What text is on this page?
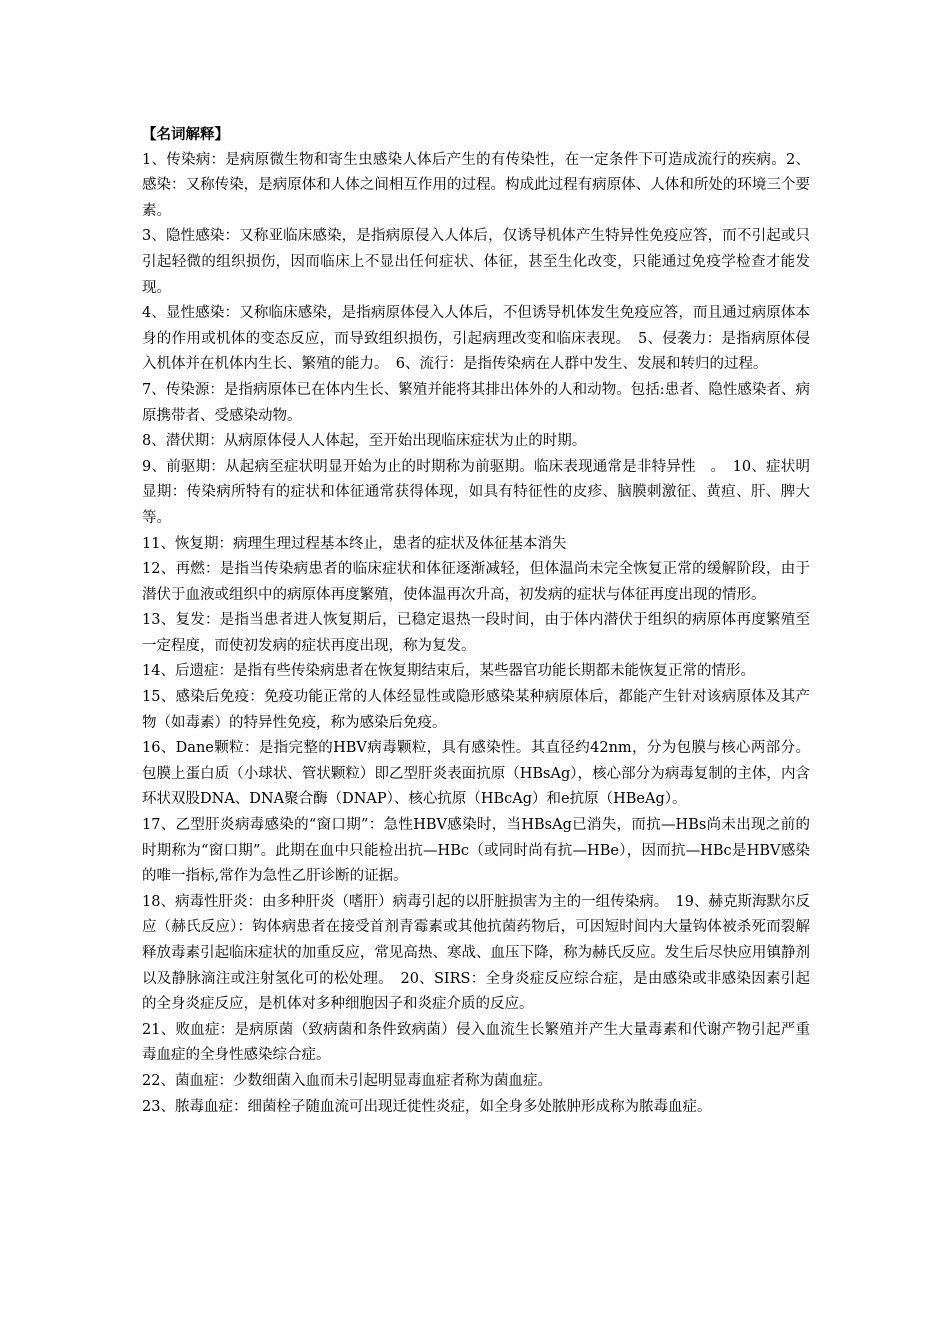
【名词解释】

1、传染病：是病原微生物和寄生虫感染人体后产生的有传染性，在一定条件下可造成流行的疾病。2、感染：又称传染，是病原体和人体之间相互作用的过程。构成此过程有病原体、人体和所处的环境三个要素。

3、隐性感染：又称亚临床感染，是指病原侵入人体后，仅诱导机体产生特异性免疫应答，而不引起或只引起轻微的组织损伤，因而临床上不显出任何症状、体征，甚至生化改变，只能通过免疫学检查才能发现。

4、显性感染：又称临床感染，是指病原体侵入人体后，不但诱导机体发生免疫应答，而且通过病原体本身的作用或机体的变态反应，而导致组织损伤，引起病理改变和临床表现。　5、侵袭力：是指病原体侵入机体并在机体内生长、繁殖的能力。　6、流行：是指传染病在人群中发生、发展和转归的过程。

7、传染源：是指病原体已在体内生长、繁殖并能将其排出体外的人和动物。包括:患者、隐性感染者、病原携带者、受感染动物。

8、潜伏期：从病原体侵人人体起，至开始出现临床症状为止的时期。

9、前驱期：从起病至症状明显开始为止的时期称为前驱期。临床表现通常是非特异性　。　10、症状明显期：传染病所特有的症状和体征通常获得体现，如具有特征性的皮疹、脑膜刺激征、黄疸、肝、脾大等。

11、恢复期：病理生理过程基本终止，患者的症状及体征基本消失

12、再燃：是指当传染病患者的临床症状和体征逐渐减轻，但体温尚未完全恢复正常的缓解阶段，由于潜伏于血液或组织中的病原体再度繁殖，使体温再次升高，初发病的症状与体征再度出现的情形。

13、复发：是指当患者进人恢复期后，已稳定退热一段时间，由于体内潜伏于组织的病原体再度繁殖至一定程度，而使初发病的症状再度出现，称为复发。

14、后遗症：是指有些传染病患者在恢复期结束后，某些器官功能长期都未能恢复正常的情形。

15、感染后免疫：免疫功能正常的人体经显性或隐形感染某种病原体后，都能产生针对该病原体及其产物（如毒素）的特异性免疫，称为感染后免疫。

16、Dane颗粒：是指完整的HBV病毒颗粒，具有感染性。其直径约42nm，分为包膜与核心两部分。包膜上蛋白质（小球状、管状颗粒）即乙型肝炎表面抗原（HBsAg），核心部分为病毒复制的主体，内含环状双股DNA、DNA聚合酶（DNAP）、核心抗原（HBcAg）和e抗原（HBeAg）。

17、乙型肝炎病毒感染的“窗口期”：急性HBV感染时，当HBsAg已消失，而抗—HBs尚未出现之前的时期称为“窗口期”。此期在血中只能检出抗—HBc（或同时尚有抗—HBe），因而抗—HBc是HBV感染的唯一指标,常作为急性乙肝诊断的证据。

18、病毒性肝炎：由多种肝炎（嗜肝）病毒引起的以肝脏损害为主的一组传染病。　19、赫克斯海默尔反应（赫氏反应）：钩体病患者在接受首剂青霉素或其他抗菌药物后，可因短时间内大量钩体被杀死而裂解释放毒素引起临床症状的加重反应，常见高热、寒战、血压下降，称为赫氏反应。发生后尽快应用镇静剂以及静脉滴注或注射氢化可的松处理。　20、SIRS：全身炎症反应综合症，是由感染或非感染因素引起的全身炎症反应，是机体对多种细胞因子和炎症介质的反应。

21、败血症：是病原菌（致病菌和条件致病菌）侵入血流生长繁殖并产生大量毒素和代谢产物引起严重毒血症的全身性感染综合症。

22、菌血症：少数细菌入血而未引起明显毒血症者称为菌血症。

23、脓毒血症：细菌栓子随血流可出现迁徙性炎症，如全身多处脓肿形成称为脓毒血症。
